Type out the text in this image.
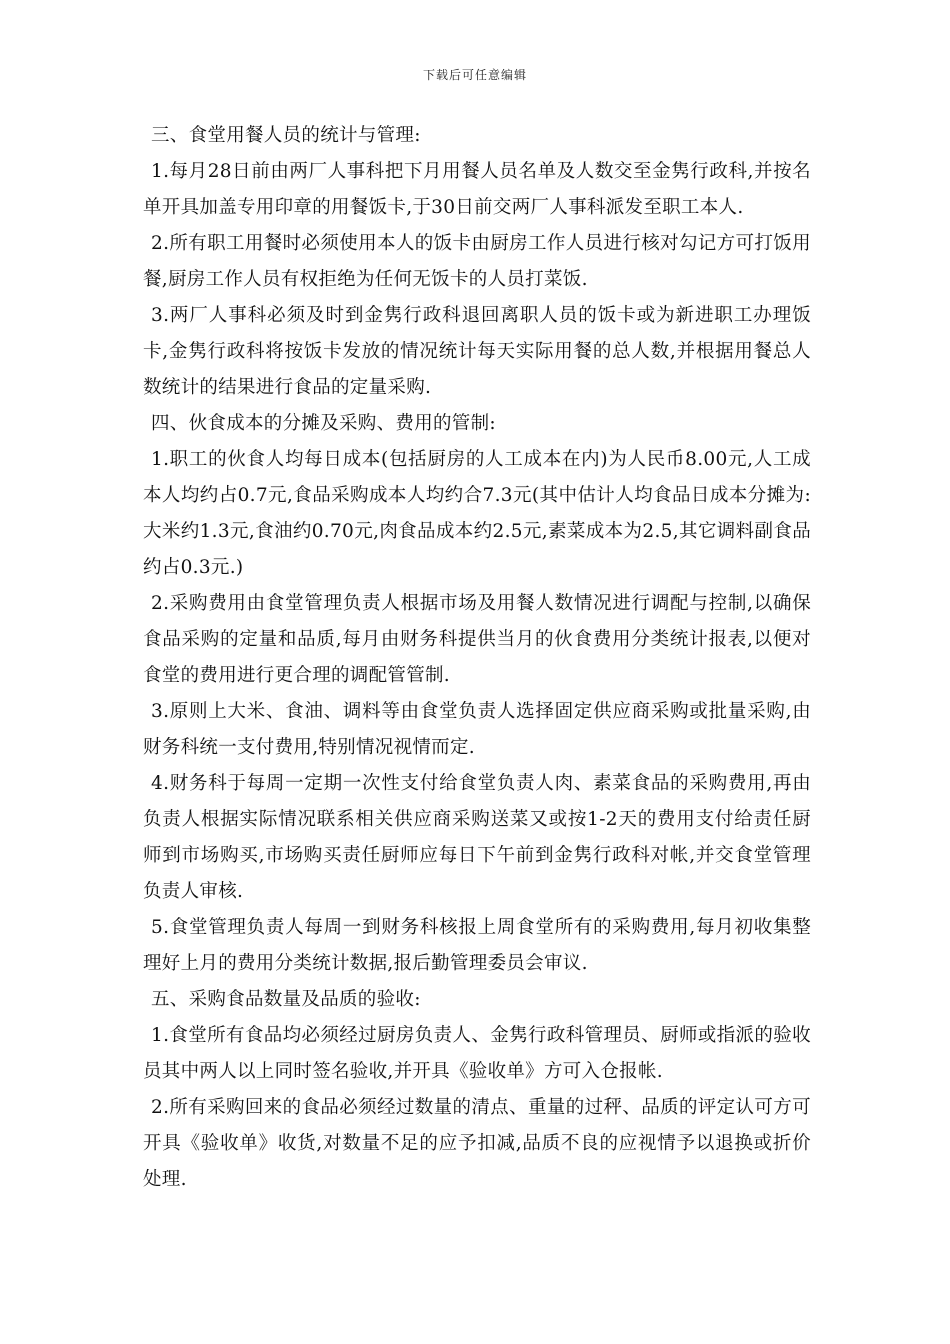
下载后可任意编辑

三、食堂用餐人员的统计与管理:

1.每月28日前由两厂人事科把下月用餐人员名单及人数交至金隽行政科,并按名单开具加盖专用印章的用餐饭卡,于30日前交两厂人事科派发至职工本人.

2.所有职工用餐时必须使用本人的饭卡由厨房工作人员进行核对勾记方可打饭用餐,厨房工作人员有权拒绝为任何无饭卡的人员打菜饭.

3.两厂人事科必须及时到金隽行政科退回离职人员的饭卡或为新进职工办理饭卡,金隽行政科将按饭卡发放的情况统计每天实际用餐的总人数,并根据用餐总人数统计的结果进行食品的定量采购.

四、伙食成本的分摊及采购、费用的管制:

1.职工的伙食人均每日成本(包括厨房的人工成本在内)为人民币8.00元,人工成本人均约占0.7元,食品采购成本人均约合7.3元(其中估计人均食品日成本分摊为:大米约1.3元,食油约0.70元,肉食品成本约2.5元,素菜成本为2.5,其它调料副食品约占0.3元.)

2.采购费用由食堂管理负责人根据市场及用餐人数情况进行调配与控制,以确保食品采购的定量和品质,每月由财务科提供当月的伙食费用分类统计报表,以便对食堂的费用进行更合理的调配管管制.

3.原则上大米、食油、调料等由食堂负责人选择固定供应商采购或批量采购,由财务科统一支付费用,特别情况视情而定.

4.财务科于每周一定期一次性支付给食堂负责人肉、素菜食品的采购费用,再由负责人根据实际情况联系相关供应商采购送菜又或按1-2天的费用支付给责任厨师到市场购买,市场购买责任厨师应每日下午前到金隽行政科对帐,并交食堂管理负责人审核.

5.食堂管理负责人每周一到财务科核报上周食堂所有的采购费用,每月初收集整理好上月的费用分类统计数据,报后勤管理委员会审议.

五、采购食品数量及品质的验收:

1.食堂所有食品均必须经过厨房负责人、金隽行政科管理员、厨师或指派的验收员其中两人以上同时签名验收,并开具《验收单》方可入仓报帐.

2.所有采购回来的食品必须经过数量的清点、重量的过秤、品质的评定认可方可开具《验收单》收货,对数量不足的应予扣减,品质不良的应视情予以退换或折价处理.
